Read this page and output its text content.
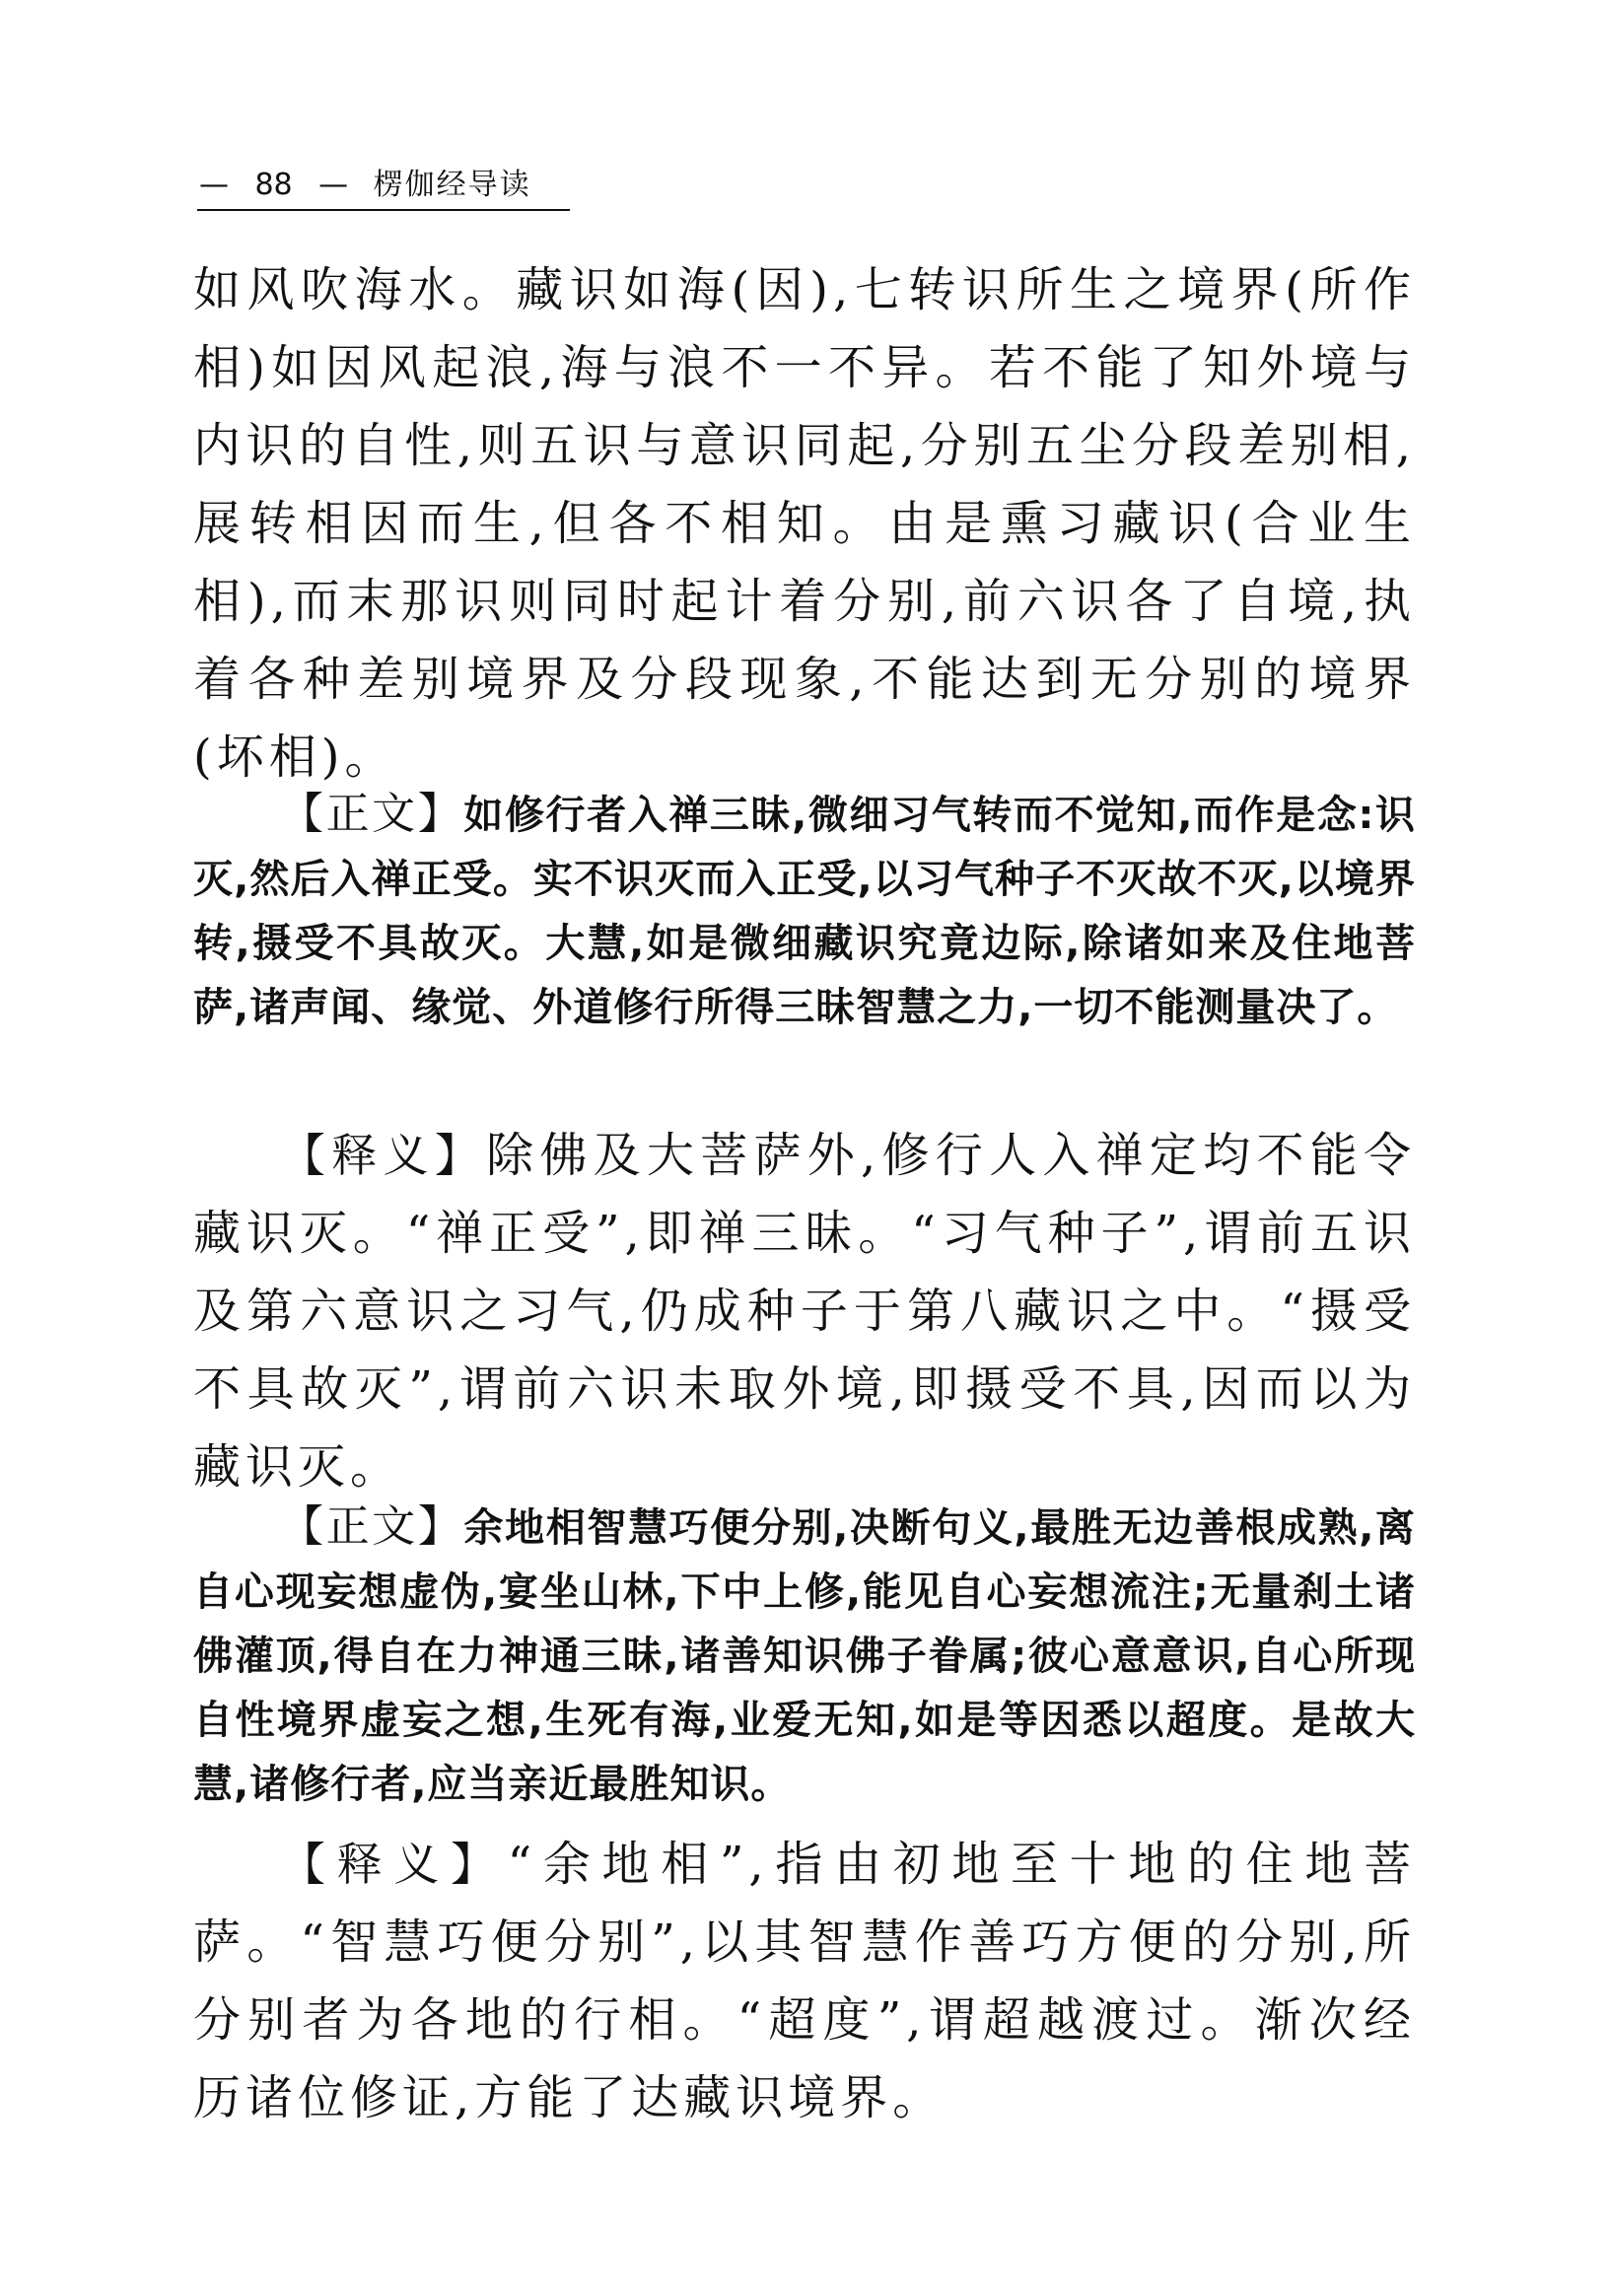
— 88 — 楞伽经导读

如风吹海水。藏识如海(因),七转识所生之境界(所作相)如因风起浪,海与浪不一不异。若不能了知外境与内识的自性,则五识与意识同起,分别五尘分段差别相,展转相因而生,但各不相知。由是熏习藏识(合业生相),而末那识则同时起计着分别,前六识各了自境,执着各种差别境界及分段现象,不能达到无分别的境界(坏相)。

【正文】如修行者入禅三昧,微细习气转而不觉知,而作是念:识灭,然后入禅正受。实不识灭而入正受,以习气种子不灭故不灭,以境界转,摄受不具故灭。大慧,如是微细藏识究竟边际,除诸如来及住地菩萨,诸声闻、缘觉、外道修行所得三昧智慧之力,一切不能测量决了。

【释义】除佛及大菩萨外,修行人入禅定均不能令藏识灭。“禅正受”,即禅三昧。“习气种子”,谓前五识及第六意识之习气,仍成种子于第八藏识之中。“摄受不具故灭”,谓前六识未取外境,即摄受不具,因而以为藏识灭。

【正文】余地相智慧巧便分别,决断句义,最胜无边善根成熟,离自心现妄想虚伪,宴坐山林,下中上修,能见自心妄想流注;无量刹土诸佛灌顶,得自在力神通三昧,诸善知识佛子眷属;彼心意意识,自心所现自性境界虚妄之想,生死有海,业爱无知,如是等因悉以超度。是故大慧,诸修行者,应当亲近最胜知识。

【释义】“余地相”,指由初地至十地的住地菩萨。“智慧巧便分别”,以其智慧作善巧方便的分别,所分别者为各地的行相。“超度”,谓超越渡过。渐次经历诸位修证,方能了达藏识境界。
